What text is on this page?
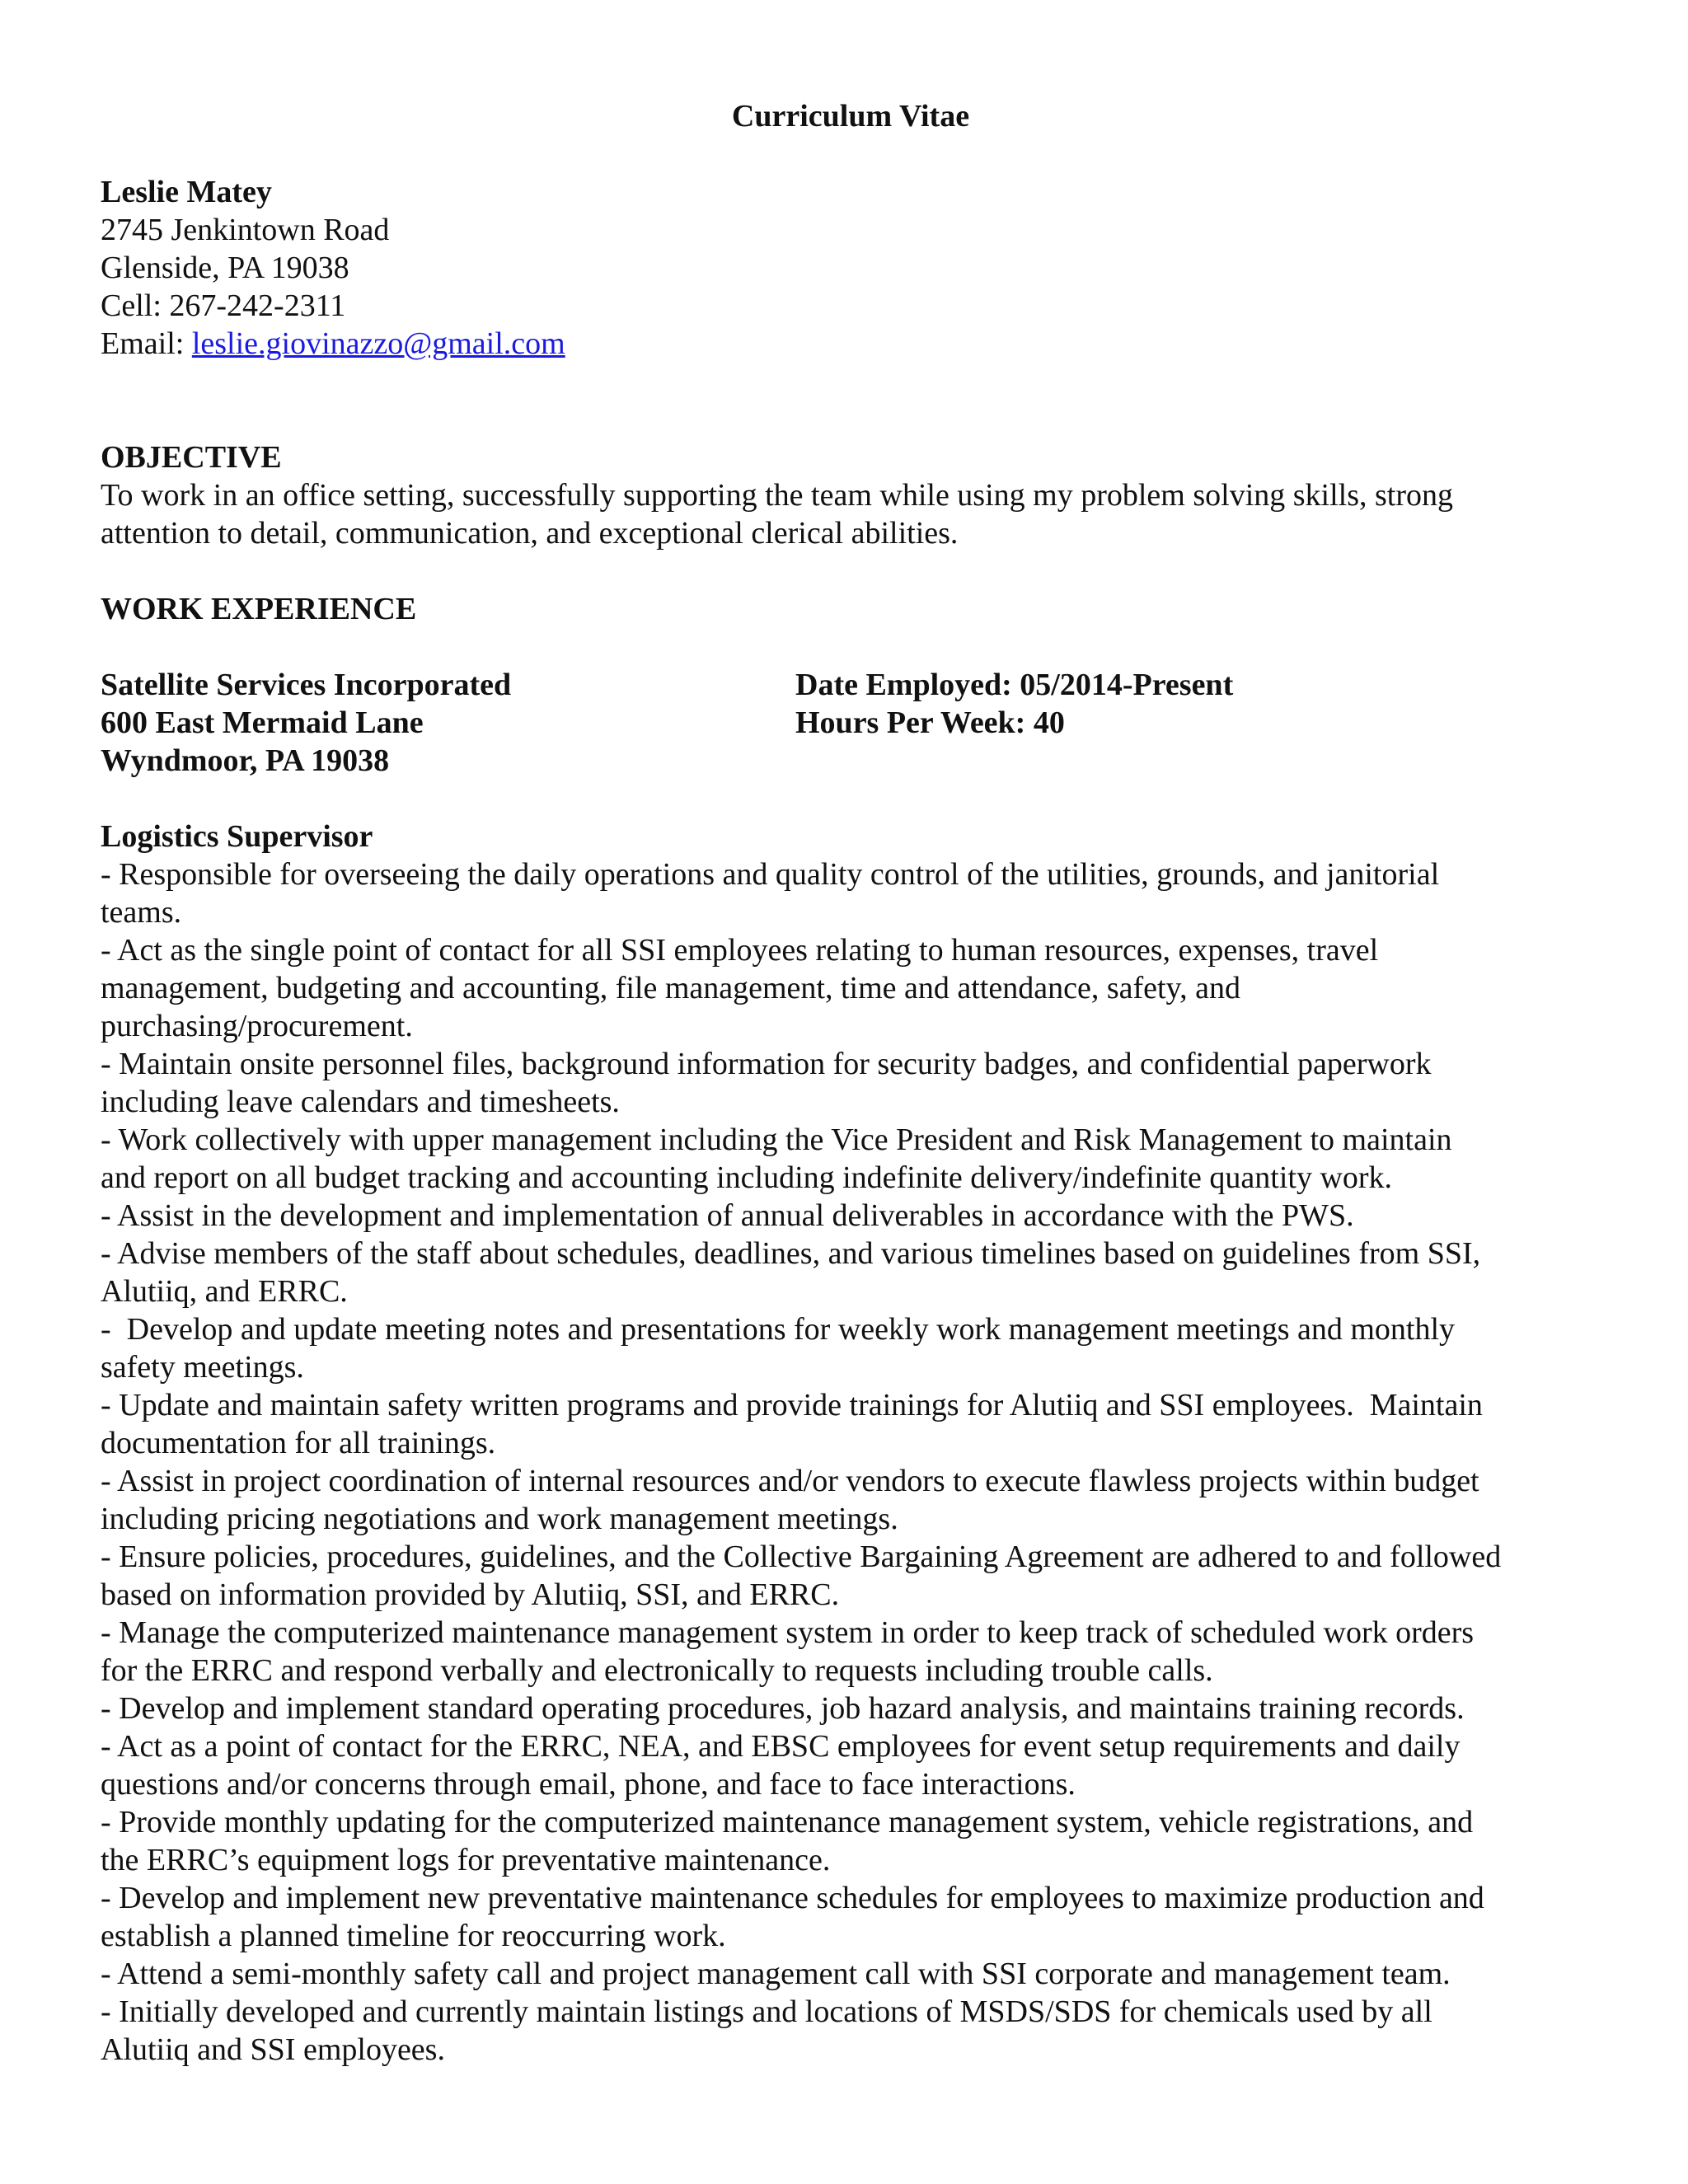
Curriculum Vitae
Leslie Matey
2745 Jenkintown Road
Glenside, PA 19038
Cell: 267-242-2311
Email: leslie.giovinazzo@gmail.com
OBJECTIVE
To work in an office setting, successfully supporting the team while using my problem solving skills, strong
attention to detail, communication, and exceptional clerical abilities.
WORK EXPERIENCE
Satellite Services Incorporated
600 East Mermaid Lane
Wyndmoor, PA 19038
Date Employed: 05/2014-Present
Hours Per Week: 40
Logistics Supervisor
- Responsible for overseeing the daily operations and quality control of the utilities, grounds, and janitorial
teams.
- Act as the single point of contact for all SSI employees relating to human resources, expenses, travel
management, budgeting and accounting, file management, time and attendance, safety, and
purchasing/procurement.
- Maintain onsite personnel files, background information for security badges, and confidential paperwork
including leave calendars and timesheets.
- Work collectively with upper management including the Vice President and Risk Management to maintain
and report on all budget tracking and accounting including indefinite delivery/indefinite quantity work.
- Assist in the development and implementation of annual deliverables in accordance with the PWS.
- Advise members of the staff about schedules, deadlines, and various timelines based on guidelines from SSI,
Alutiiq, and ERRC.
-  Develop and update meeting notes and presentations for weekly work management meetings and monthly
safety meetings.
- Update and maintain safety written programs and provide trainings for Alutiiq and SSI employees.  Maintain
documentation for all trainings.
- Assist in project coordination of internal resources and/or vendors to execute flawless projects within budget
including pricing negotiations and work management meetings.
- Ensure policies, procedures, guidelines, and the Collective Bargaining Agreement are adhered to and followed
based on information provided by Alutiiq, SSI, and ERRC.
- Manage the computerized maintenance management system in order to keep track of scheduled work orders
for the ERRC and respond verbally and electronically to requests including trouble calls.
- Develop and implement standard operating procedures, job hazard analysis, and maintains training records.
- Act as a point of contact for the ERRC, NEA, and EBSC employees for event setup requirements and daily
questions and/or concerns through email, phone, and face to face interactions.
- Provide monthly updating for the computerized maintenance management system, vehicle registrations, and
the ERRC’s equipment logs for preventative maintenance.
- Develop and implement new preventative maintenance schedules for employees to maximize production and
establish a planned timeline for reoccurring work.
- Attend a semi-monthly safety call and project management call with SSI corporate and management team.
- Initially developed and currently maintain listings and locations of MSDS/SDS for chemicals used by all
Alutiiq and SSI employees.
